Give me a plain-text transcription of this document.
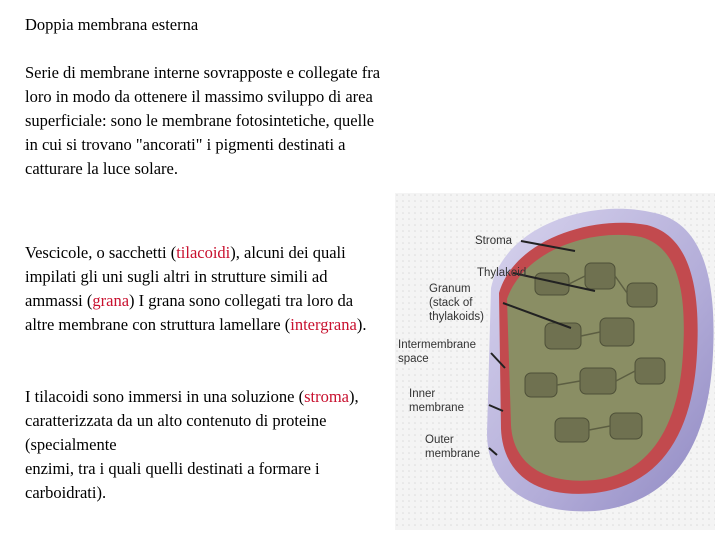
Doppia membrana esterna

Serie di membrane interne sovrapposte e collegate fra loro in modo da ottenere il massimo sviluppo di area superficiale: sono le membrane fotosintetiche, quelle in cui si trovano "ancorati" i pigmenti destinati a catturare la luce solare.

Vescicole, o sacchetti (tilacoidi), alcuni dei quali impilati gli uni sugli altri in strutture simili ad ammassi (grana) I grana sono collegati tra loro da altre membrane con struttura lamellare (intergrana).

I tilacoidi sono immersi in una soluzione (stroma),
caratterizzata da un alto contenuto di proteine (specialmente
enzimi, tra i quali quelli destinati a formare i carboidrati).

Stroma
Thylakoid
Granum
(stack of
thylakoids)
Intermembrane
space
Inner
membrane
Outer
membrane
